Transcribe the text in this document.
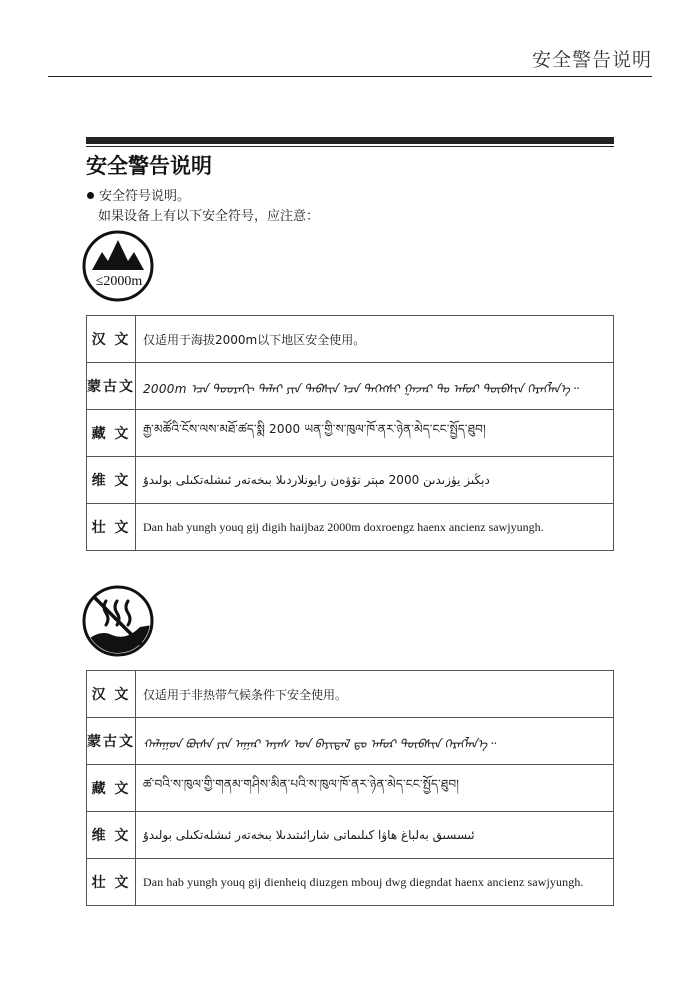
安全警告说明
安全警告说明
安全符号说明。
如果设备上有以下安全符号，应注意：
≤2000m
汉 文	仅适用于海拔2000m以下地区安全使用。
蒙古文	2000m ᠡᠴᠡ ᠳᠣᠣᠷᠠᠬᠢ ᠳᠠᠯᠠᠢ ᠶᠢᠨ ᠲᠡᠪᠰᠢᠨ ᠡᠴᠡ ᠳᠡᠭᠡᠭᠰᠢ ᠭᠠᠵᠠᠷ ᠲᠤ ᠠᠮᠤᠷ ᠲᠦᠪᠰᠢᠨ ᠬᠡᠷᠡᠭᠯᠡᠨ᠎ᠡ᠃
藏 文	རྒྱ་མཚོའི་ངོས་ལས་མཐོ་ཚད་སྨི 2000 ཡན་གྱི་ས་ཁུལ་ཁོ་ནར་ཉེན་མེད་ངང་སྤྱོད་ཐུབ།
维 文	دېڭىز يۈزىدىن 2000 مېتر تۆۋەن رايونلاردىلا بىخەتەر ئىشلەتكىلى بولىدۇ
壮 文	Dan hab yungh youq gij digih haijbaz 2000m doxroengz haenx ancienz sawjyungh.
汉 文	仅适用于非热带气候条件下安全使用。
蒙古文	ᠬᠠᠯᠠᠭᠤᠨ ᠪᠦᠰᠡ ᠶᠢᠨ ᠠᠭᠠᠷ ᠠᠶᠠᠰ ᠤᠨ ᠪᠠᠶᠢᠳᠠᠯ ᠳᠤ ᠠᠮᠤᠷ ᠲᠦᠪᠰᠢᠨ ᠬᠡᠷᠡᠭᠯᠡᠨ᠎ᠡ᠃
藏 文	ཚ་བའི་ས་ཁུལ་གྱི་གནམ་གཤིས་མིན་པའི་ས་ཁུལ་ཁོ་ནར་ཉེན་མེད་ངང་སྤྱོད་ཐུབ།
维 文	ئىسسىق بەلباغ ھاۋا كىلىماتى شارائىتىدىلا بىخەتەر ئىشلەتكىلى بولىدۇ
壮 文	Dan hab yungh youq gij dienheiq diuzgen mbouj dwg diegndat haenx ancienz sawjyungh.
